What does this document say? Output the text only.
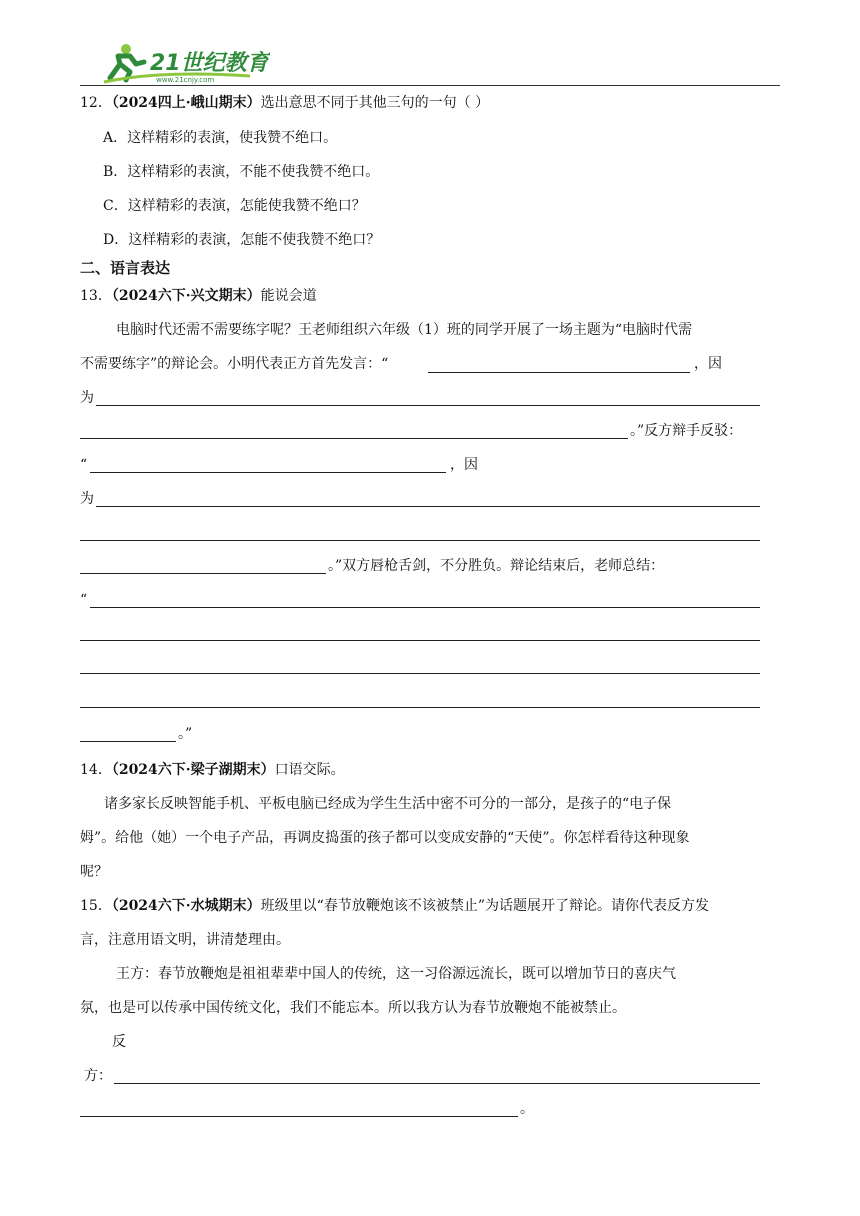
21世纪教育
www.21cnjy.com
12．（2024四上·峨山期末）选出意思不同于其他三句的一句（ ）
A．这样精彩的表演，使我赞不绝口。
B．这样精彩的表演，不能不使我赞不绝口。
C．这样精彩的表演，怎能使我赞不绝口？
D．这样精彩的表演，怎能不使我赞不绝口？
二、语言表达
13．（2024六下·兴文期末）能说会道
电脑时代还需不需要练字呢？王老师组织六年级（1）班的同学开展了一场主题为“电脑时代需
不需要练字”的辩论会。小明代表正方首先发言：“	，因
为
。”反方辩手反驳：
“	，因
为
。”双方唇枪舌剑，不分胜负。辩论结束后，老师总结：
“
。”
14．（2024六下·梁子湖期末）口语交际。
诸多家长反映智能手机、平板电脑已经成为学生生活中密不可分的一部分，是孩子的“电子保
姆”。给他（她）一个电子产品，再调皮捣蛋的孩子都可以变成安静的“天使”。你怎样看待这种现象
呢？
15．（2024六下·水城期末）班级里以“春节放鞭炮该不该被禁止”为话题展开了辩论。请你代表反方发
言，注意用语文明，讲清楚理由。
王方：春节放鞭炮是祖祖辈辈中国人的传统，这一习俗源远流长，既可以增加节日的喜庆气
氛，也是可以传承中国传统文化，我们不能忘本。所以我方认为春节放鞭炮不能被禁止。
反
方：
。
